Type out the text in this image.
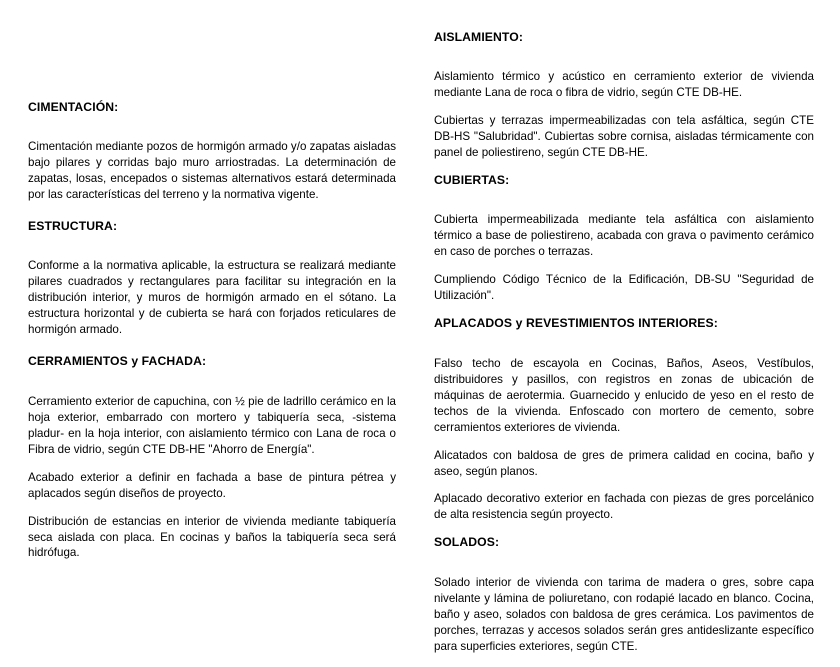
CIMENTACIÓN:
Cimentación mediante pozos de hormigón armado y/o zapatas aisladas bajo pilares y corridas bajo muro arriostradas. La determinación de zapatas, losas, encepados o sistemas alternativos estará determinada por las características del terreno y la normativa vigente.
ESTRUCTURA:
Conforme a la normativa aplicable, la estructura se realizará mediante pilares cuadrados y rectangulares para facilitar su integración en la distribución interior, y muros de hormigón armado en el sótano. La estructura horizontal y de cubierta se hará con forjados reticulares de hormigón armado.
CERRAMIENTOS y FACHADA:
Cerramiento exterior de capuchina, con ½ pie de ladrillo cerámico en la hoja exterior, embarrado con mortero y tabiquería seca, -sistema pladur- en la hoja interior, con aislamiento térmico con Lana de roca o Fibra de vidrio, según CTE DB-HE "Ahorro de Energía".
Acabado exterior a definir en fachada a base de pintura pétrea y aplacados según diseños de proyecto.
Distribución de estancias en interior de vivienda mediante tabiquería seca aislada con placa. En cocinas y baños la tabiquería seca será hidrófuga.
AISLAMIENTO:
Aislamiento térmico y acústico en cerramiento exterior de vivienda mediante Lana de roca o fibra de vidrio, según CTE DB-HE.
Cubiertas y terrazas impermeabilizadas con tela asfáltica, según CTE DB-HS "Salubridad". Cubiertas sobre cornisa, aisladas térmicamente con panel de poliestireno, según CTE DB-HE.
CUBIERTAS:
Cubierta impermeabilizada mediante tela asfáltica con aislamiento térmico a base de poliestireno, acabada con grava o pavimento cerámico en caso de porches o terrazas.
Cumpliendo Código Técnico de la Edificación, DB-SU "Seguridad de Utilización".
APLACADOS y REVESTIMIENTOS INTERIORES:
Falso techo de escayola en Cocinas, Baños, Aseos, Vestíbulos, distribuidores y pasillos, con registros en zonas de ubicación de máquinas de aerotermia. Guarnecido y enlucido de yeso en el resto de techos de la vivienda. Enfoscado con mortero de cemento, sobre cerramientos exteriores de vivienda.
Alicatados con baldosa de gres de primera calidad en cocina, baño y aseo, según planos.
Aplacado decorativo exterior en fachada con piezas de gres porcelánico de alta resistencia según proyecto.
SOLADOS:
Solado interior de vivienda con tarima de madera o gres, sobre capa nivelante y lámina de poliuretano, con rodapié lacado en blanco. Cocina, baño y aseo, solados con baldosa de gres cerámica. Los pavimentos de porches, terrazas y accesos solados serán gres antideslizante específico para superficies exteriores, según CTE.
